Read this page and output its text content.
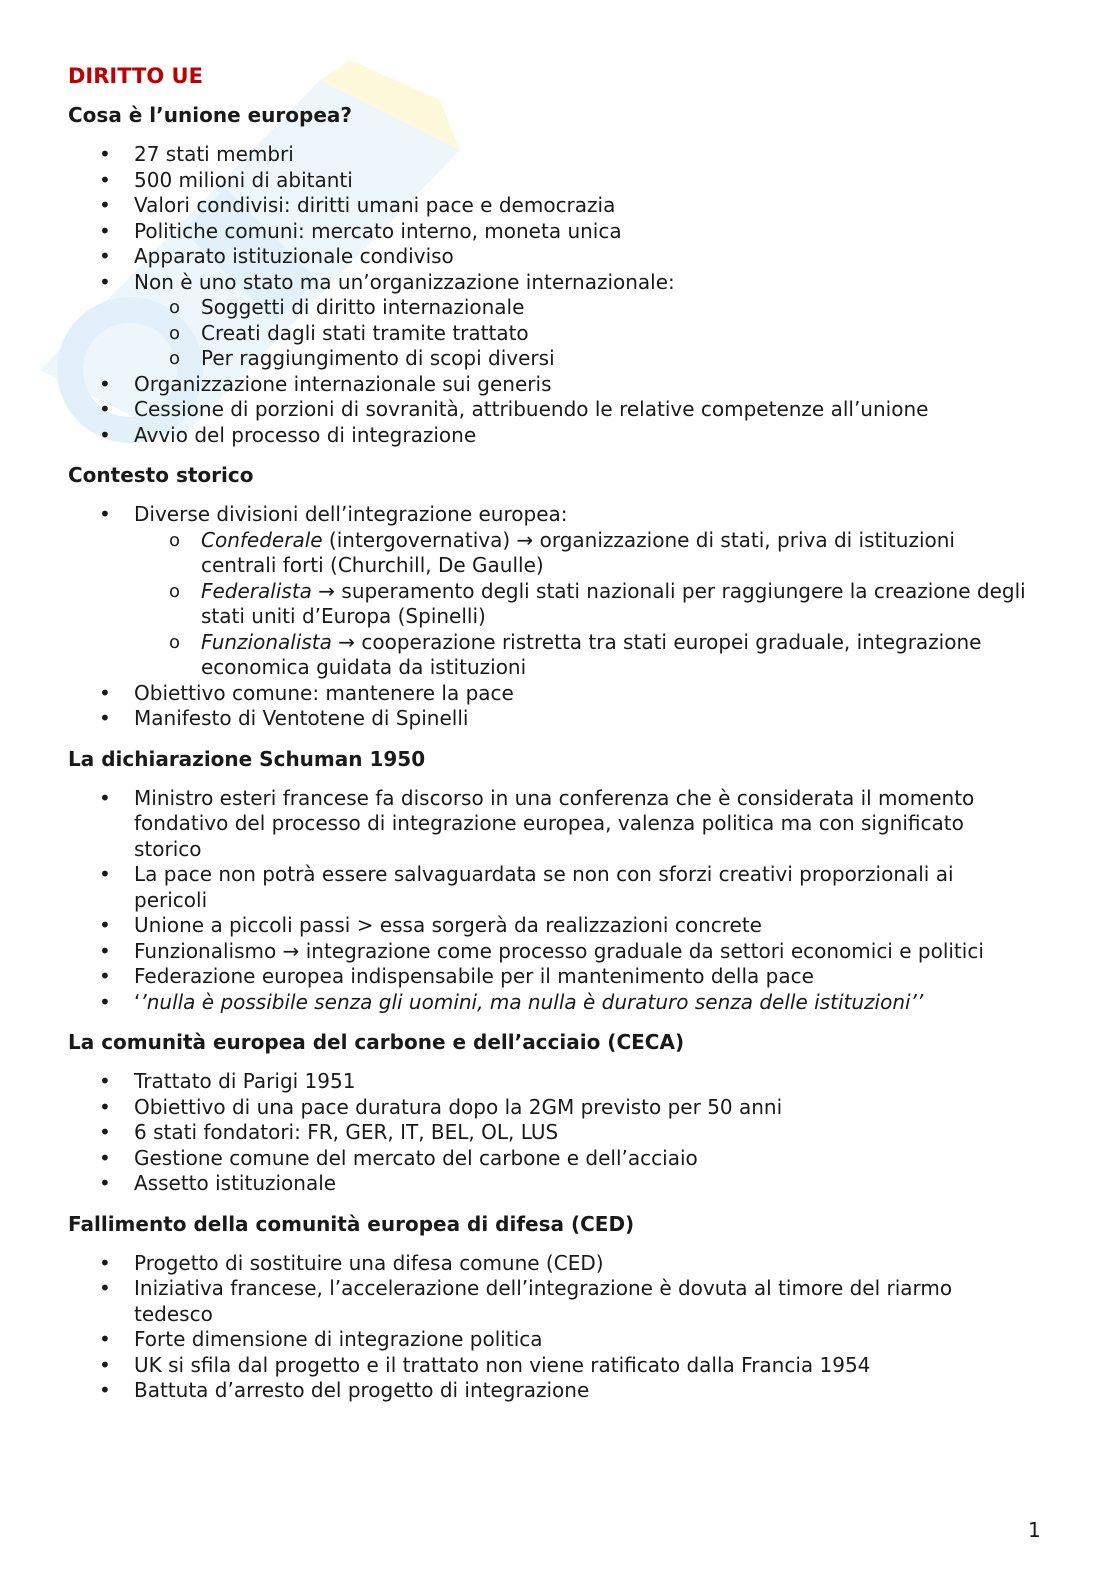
DIRITTO UE
Cosa è l’unione europea?
• 27 stati membri
• 500 milioni di abitanti
• Valori condivisi: diritti umani pace e democrazia
• Politiche comuni: mercato interno, moneta unica
• Apparato istituzionale condiviso
• Non è uno stato ma un’organizzazione internazionale:
o Soggetti di diritto internazionale
o Creati dagli stati tramite trattato
o Per raggiungimento di scopi diversi
• Organizzazione internazionale sui generis
• Cessione di porzioni di sovranità, attribuendo le relative competenze all’unione
• Avvio del processo di integrazione
Contesto storico
• Diverse divisioni dell’integrazione europea:
o Confederale (intergovernativa) → organizzazione di stati, priva di istituzioni centrali forti (Churchill, De Gaulle)
o Federalista → superamento degli stati nazionali per raggiungere la creazione degli stati uniti d’Europa (Spinelli)
o Funzionalista → cooperazione ristretta tra stati europei graduale, integrazione economica guidata da istituzioni
• Obiettivo comune: mantenere la pace
• Manifesto di Ventotene di Spinelli
La dichiarazione Schuman 1950
• Ministro esteri francese fa discorso in una conferenza che è considerata il momento fondativo del processo di integrazione europea, valenza politica ma con significato storico
• La pace non potrà essere salvaguardata se non con sforzi creativi proporzionali ai pericoli
• Unione a piccoli passi > essa sorgerà da realizzazioni concrete
• Funzionalismo → integrazione come processo graduale da settori economici e politici
• Federazione europea indispensabile per il mantenimento della pace
• ‘’nulla è possibile senza gli uomini, ma nulla è duraturo senza delle istituzioni’’
La comunità europea del carbone e dell’acciaio (CECA)
• Trattato di Parigi 1951
• Obiettivo di una pace duratura dopo la 2GM previsto per 50 anni
• 6 stati fondatori: FR, GER, IT, BEL, OL, LUS
• Gestione comune del mercato del carbone e dell’acciaio
• Assetto istituzionale
Fallimento della comunità europea di difesa (CED)
• Progetto di sostituire una difesa comune (CED)
• Iniziativa francese, l’accelerazione dell’integrazione è dovuta al timore del riarmo tedesco
• Forte dimensione di integrazione politica
• UK si sfila dal progetto e il trattato non viene ratificato dalla Francia 1954
• Battuta d’arresto del progetto di integrazione
1
